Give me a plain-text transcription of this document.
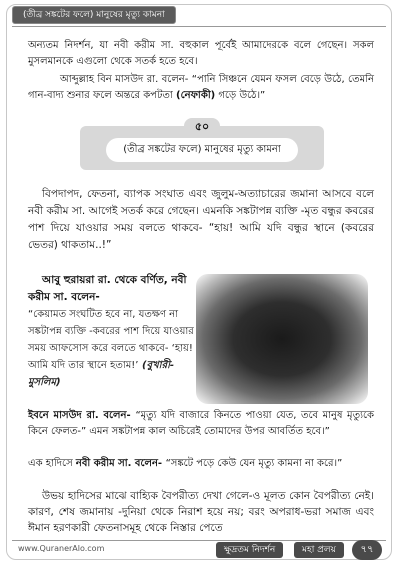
(তীব্র সঙ্কটের ফলে) মানুষের মৃত্যু কামনা
অন্যতম নিদর্শন, যা নবী করীম সা. বহুকাল পূর্বেই আমাদেরকে বলে গেছেন। সকল মুসলমানকে এগুলো থেকে সতর্ক হতে হবে।
আব্দুল্লাহ বিন মাসউদ রা. বলেন- “পানি সিঞ্চনে যেমন ফসল বেড়ে উঠে, তেমনি গান-বাদ্য শুনার ফলে অন্তরে কপটতা (নেফাকী) গড়ে উঠে।”
৫০
(তীব্র সঙ্কটের ফলে) মানুষের মৃত্যু কামনা
বিপদাপদ, ফেতনা, ব্যাপক সংঘাত এবং জুলুম-অত্যাচারের জমানা আসবে বলে নবী করীম সা. আগেই সতর্ক করে গেছেন। এমনকি সঙ্কটাপন্ন ব্যক্তি -মৃত বন্ধুর কবরের পাশ দিয়ে যাওয়ার সময় বলতে থাকবে- “হায়! আমি যদি বন্ধুর স্থানে (কবরের ভেতর) থাকতাম..!”
আবু হুরায়রা রা. থেকে বর্ণিত, নবী করীম সা. বলেন-
“কেয়ামত সংঘটিত হবে না, যতক্ষণ না সঙ্কটাপন্ন ব্যক্তি -কবরের পাশ দিয়ে যাওয়ার সময় আফসোস করে বলতে থাকবে- ‘হায়! আমি যদি তার স্থানে হতাম!’ (বুখারী-মুসলিম)
ইবনে মাসউদ রা. বলেন- “মৃত্যু যদি বাজারে কিনতে পাওয়া যেত, তবে মানুষ মৃত্যুকে কিনে ফেলত-” এমন সঙ্কটাপন্ন কাল অচিরেই তোমাদের উপর আবর্তিত হবে।”
এক হাদিসে নবী করীম সা. বলেন- “সঙ্কটে পড়ে কেউ যেন মৃত্যু কামনা না করে।”
উভয় হাদিসের মাঝে বাহ্যিক বৈপরীত্য দেখা গেলে-ও মূলত কোন বৈপরীত্য নেই। কারণ, শেষ জমানায় -দুনিয়া থেকে নিরাশ হয়ে নয়; বরং অপরাধ-ভরা সমাজ এবং ঈমান হরণকারী ফেতনাসমূহ থেকে নিস্তার পেতে
www.QuranerAlo.com	ক্ষুদ্রতম নিদর্শন	মহা প্রলয়	৭৭
